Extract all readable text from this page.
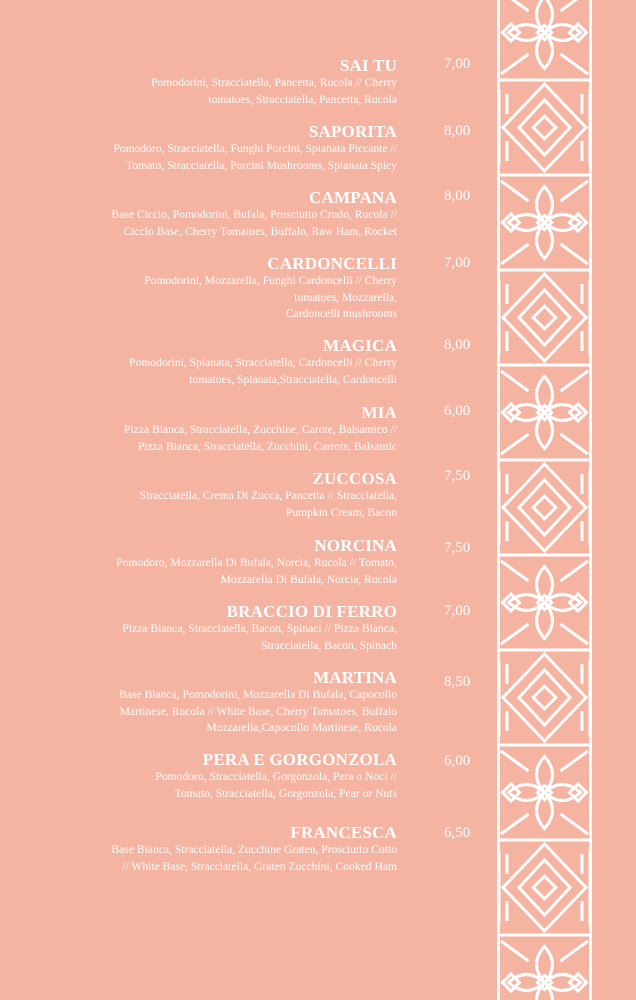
SAI TU
Pomodorini, Stracciatella, Pancetta, Rucola // Cherry
tomatoes, Stracciatella, Pancetta, Rucola
7,00
SAPORITA
Pomodoro, Stracciatella, Funghi Porcini, Spianata Piccante //
Tomato, Stracciatella, Porcini Mushrooms, Spianata Spicy
8,00
CAMPANA
Base Ciccio, Pomodorini, Bufala, Prosciutto Crudo, Rucola //
Ciccio Base, Cherry Tomatoes, Buffalo, Raw Ham, Rocket
8,00
CARDONCELLI
Pomodorini, Mozzarella, Funghi Cardoncelli // Cherry
tomatoes, Mozzarella,
Cardoncelli mushrooms
7,00
MAGICA
Pomodorini, Spianata, Stracciatella, Cardoncelli // Cherry
tomatoes, Spianata,Stracciatella, Cardoncelli
8,00
MIA
Pizza Bianca, Stracciatella, Zucchine, Carote, Balsamico //
Pizza Bianca, Stracciatella, Zucchini, Carrots, Balsamic
6,00
ZUCCOSA
Stracciatella, Crema Di Zucca, Pancetta // Stracciatella,
Pumpkin Cream, Bacon
7,50
NORCINA
Pomodoro, Mozzarella Di Bufala, Norcia, Rucola // Tomato,
Mozzarella Di Bufala, Norcia, Rucola
7,50
BRACCIO DI FERRO
Pizza Bianca, Stracciatella, Bacon, Spinaci // Pizza Bianca,
Stracciatella, Bacon, Spinach
7,00
MARTINA
Base Bianca, Pomodorini, Mozzarella Di Bufala, Capocollo
Martinese, Rucola // White Base, Cherry Tomatoes, Buffalo
Mozzarella,Capocollo Martinese, Rucola
8,50
PERA E GORGONZOLA
Pomodoro, Stracciatella, Gorgonzola, Pera o Noci //
Tomato, Stracciatella, Gorgonzola, Pear or Nuts
6,00
FRANCESCA
Base Bianca, Stracciatella, Zucchine Graten, Prosciutto Cotto
// White Base, Stracciatella, Graten Zucchini, Cooked Ham
6,50
